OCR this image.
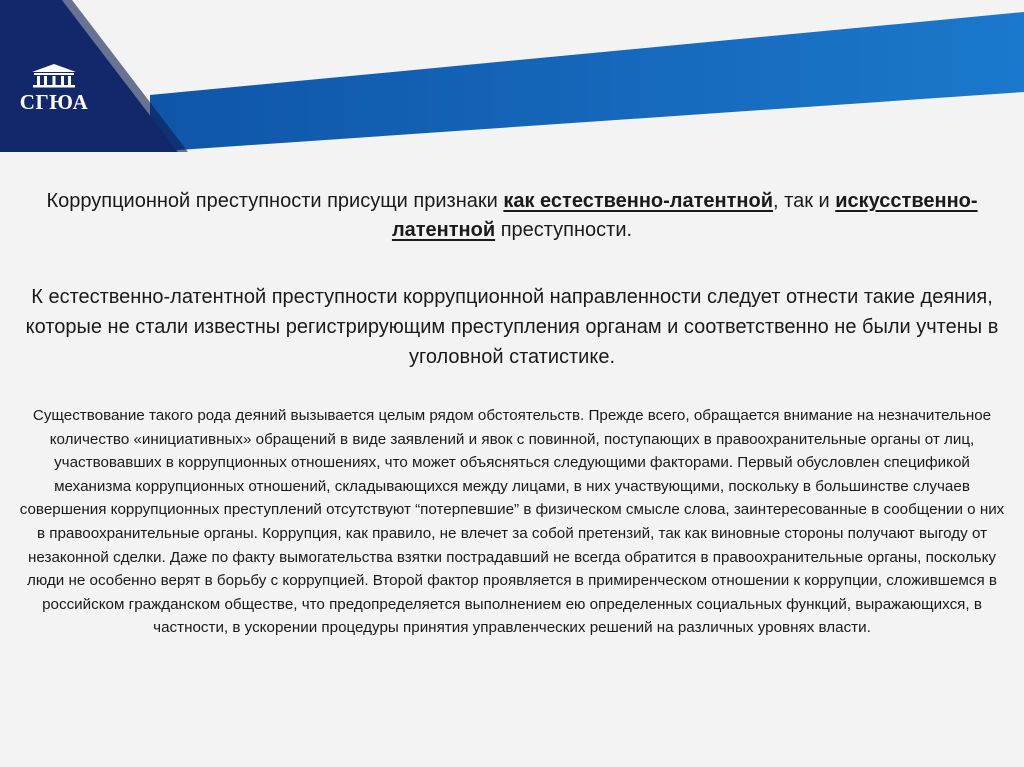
СГЮА
Коррупционной преступности присущи признаки как естественно-латентной, так и искусственно-латентной преступности.
К естественно-латентной преступности коррупционной направленности следует отнести такие деяния, которые не стали известны регистрирующим преступления органам и соответственно не были учтены в уголовной статистике.
Существование такого рода деяний вызывается целым рядом обстоятельств. Прежде всего, обращается внимание на незначительное количество «инициативных» обращений в виде заявлений и явок с повинной, поступающих в правоохранительные органы от лиц, участвовавших в коррупционных отношениях, что может объясняться следующими факторами. Первый обусловлен спецификой механизма коррупционных отношений, складывающихся между лицами, в них участвующими, поскольку в большинстве случаев совершения коррупционных преступлений отсутствуют “потерпевшие” в физическом смысле слова, заинтересованные в сообщении о них в правоохранительные органы. Коррупция, как правило, не влечет за собой претензий, так как виновные стороны получают выгоду от незаконной сделки. Даже по факту вымогательства взятки пострадавший не всегда обратится в правоохранительные органы, поскольку люди не особенно верят в борьбу с коррупцией. Второй фактор проявляется в примиренческом отношении к коррупции, сложившемся в российском гражданском обществе, что предопределяется выполнением ею определенных социальных функций, выражающихся, в частности, в ускорении процедуры принятия управленческих решений на различных уровнях власти.
